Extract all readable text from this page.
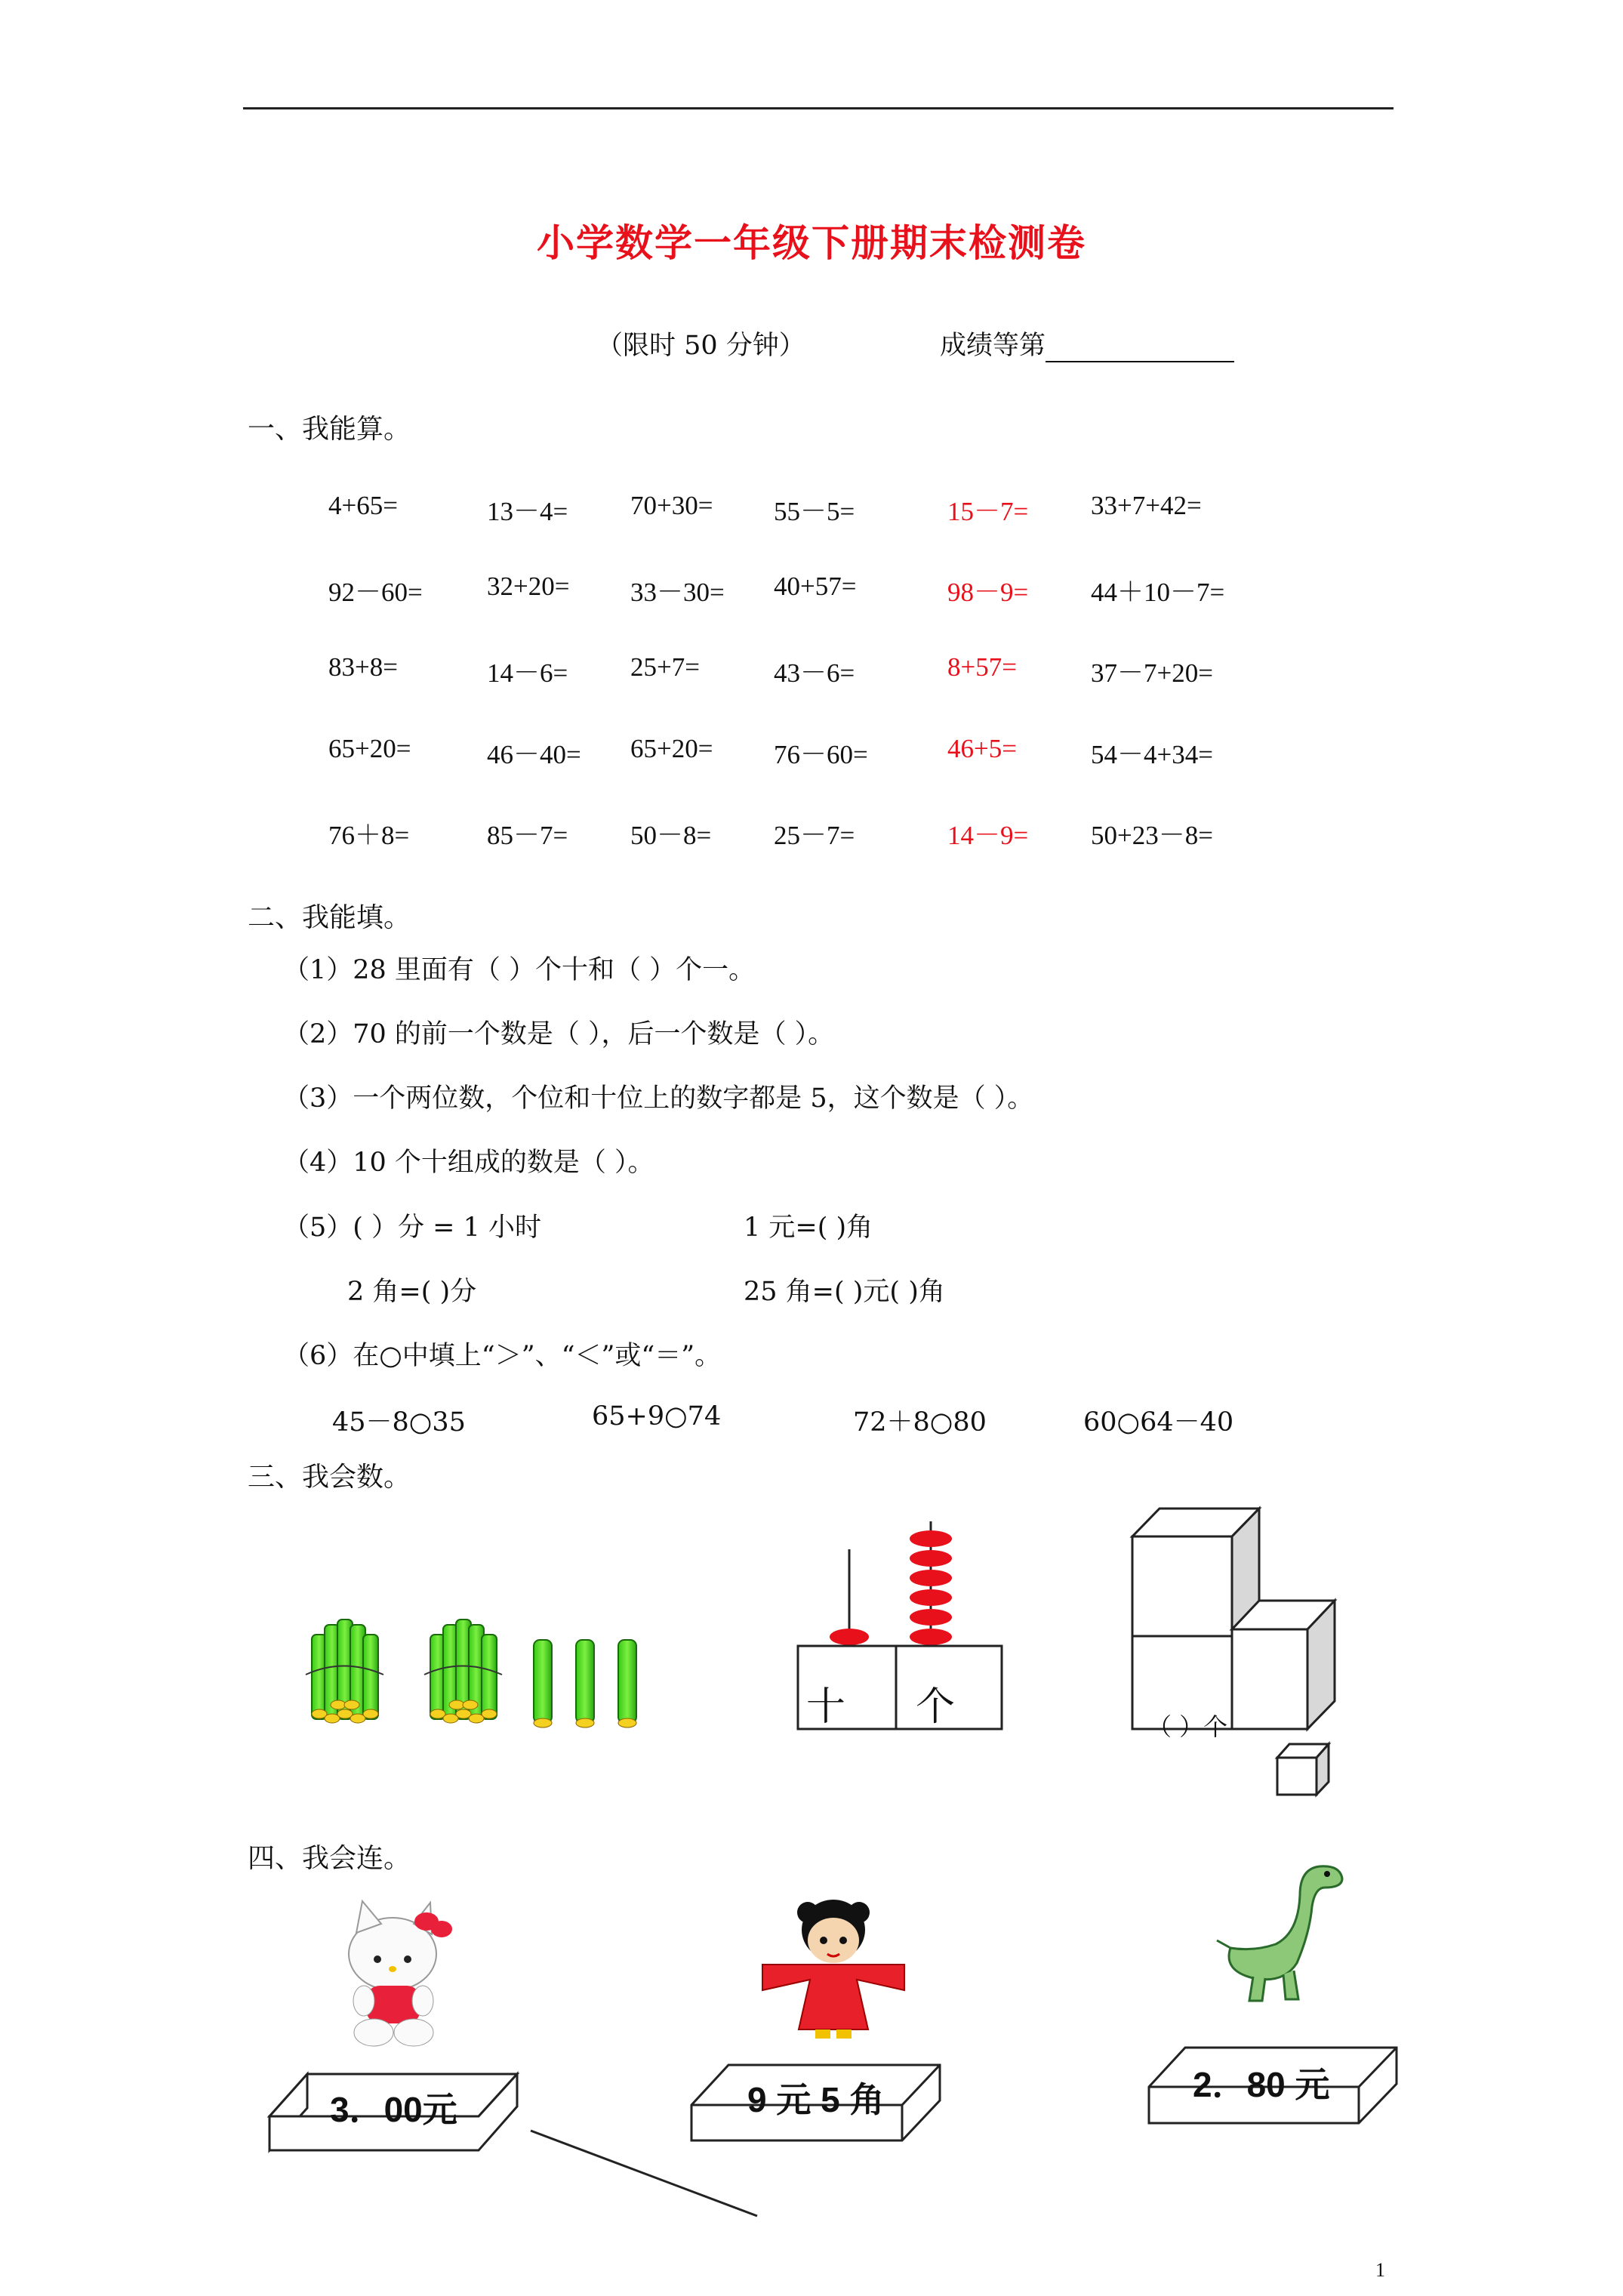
小学数学一年级下册期末检测卷
（限时 50 分钟）	成绩等第
一、我能算。
4+65=	13－4= 70+30= 55－5=	15－7= 33+7+42=
92－60= 32+20= 33－30= 40+57=	98－9= 44＋10－7=
83+8=	14－6= 25+7=	43－6=	8+57=	37－7+20=
65+20=	46－40= 65+20= 76－60=	46+5=	54－4+34=
76＋8=	85－7= 50－8= 25－7=	14－9= 50+23－8=
二、我能填。
（1）28 里面有（ ）个十和（ ）个一。
（2）70 的前一个数是（ ），后一个数是（ ）。
（3）一个两位数，个位和十位上的数字都是 5，这个数是（ ）。
（4）10 个十组成的数是（ ）。
（5）( ）分 = 1 小时	1 元=( )角
2 角=( )分	25 角=( )元( )角
（6）在○中填上“＞”、“＜”或“＝”。
45－8○35	65+9○74	72＋8○80	60○64－40
三、我会数。
十 个	（ ）个
四、我会连。
3．00元	9 元 5 角	2．80 元
1
